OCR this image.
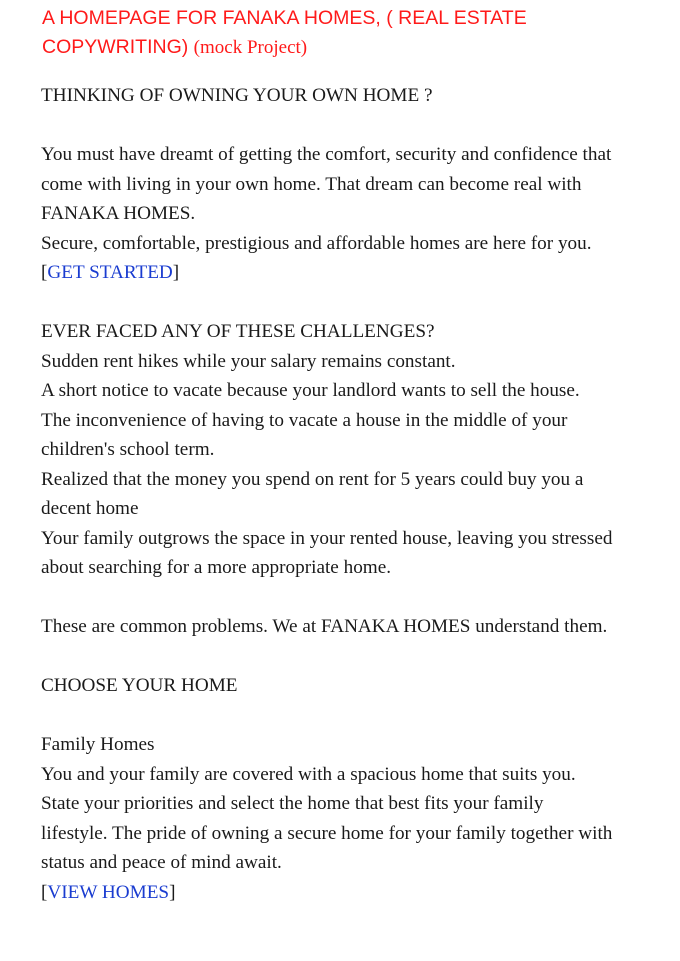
A HOMEPAGE FOR FANAKA HOMES, ( REAL ESTATE
COPYWRITING) (mock Project)
THINKING OF OWNING YOUR OWN HOME ?
You must have dreamt of getting the comfort, security and confidence that
come with living in your own home. That dream can become real with
FANAKA HOMES.
Secure, comfortable, prestigious and affordable homes are here for you.
[GET STARTED]
EVER FACED ANY OF THESE CHALLENGES?
Sudden rent hikes while your salary remains constant.
A short notice to vacate because your landlord wants to sell the house.
The inconvenience of having to vacate a house in the middle of your
children's school term.
Realized that the money you spend on rent for 5 years could buy you a
decent home
Your family outgrows the space in your rented house, leaving you stressed
about searching for a more appropriate home.
These are common problems. We at FANAKA HOMES understand them.
CHOOSE YOUR HOME
Family Homes
You and your family are covered with a spacious home that suits you.
State your priorities and select the home that best fits your family
lifestyle. The pride of owning a secure home for your family together with
status and peace of mind await.
[VIEW HOMES]
